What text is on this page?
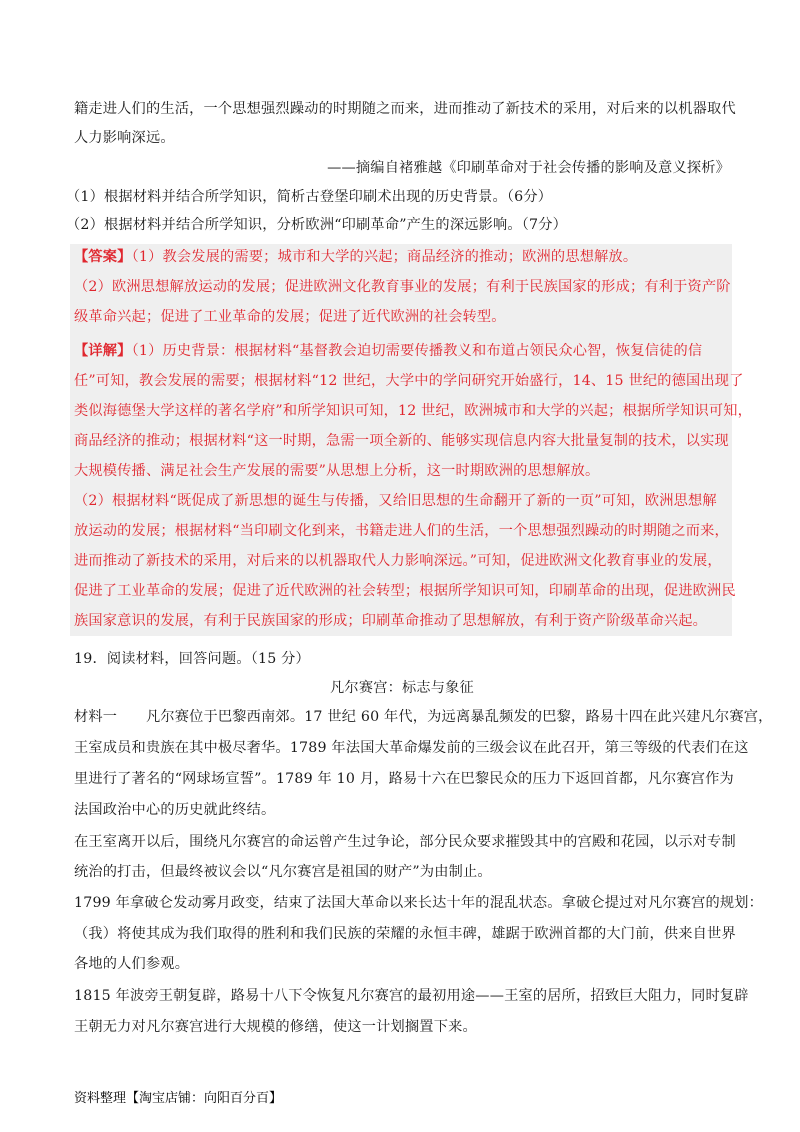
籍走进人们的生活，一个思想强烈躁动的时期随之而来，进而推动了新技术的采用，对后来的以机器取代
人力影响深远。
——摘编自褚雅越《印刷革命对于社会传播的影响及意义探析》
（1）根据材料并结合所学知识，简析古登堡印刷术出现的历史背景。（6分）
（2）根据材料并结合所学知识，分析欧洲“印刷革命”产生的深远影响。（7分）
【答案】（1）教会发展的需要；城市和大学的兴起；商品经济的推动；欧洲的思想解放。
（2）欧洲思想解放运动的发展；促进欧洲文化教育事业的发展；有利于民族国家的形成；有利于资产阶
级革命兴起；促进了工业革命的发展；促进了近代欧洲的社会转型。
【详解】（1）历史背景：根据材料“基督教会迫切需要传播教义和布道占领民众心智，恢复信徒的信
任”可知，教会发展的需要；根据材料“12 世纪，大学中的学问研究开始盛行，14、15 世纪的德国出现了
类似海德堡大学这样的著名学府”和所学知识可知，12 世纪，欧洲城市和大学的兴起；根据所学知识可知，
商品经济的推动；根据材料“这一时期，急需一项全新的、能够实现信息内容大批量复制的技术，以实现
大规模传播、满足社会生产发展的需要”从思想上分析，这一时期欧洲的思想解放。
（2）根据材料“既促成了新思想的诞生与传播，又给旧思想的生命翻开了新的一页”可知，欧洲思想解
放运动的发展；根据材料“当印刷文化到来，书籍走进人们的生活，一个思想强烈躁动的时期随之而来，
进而推动了新技术的采用，对后来的以机器取代人力影响深远。”可知，促进欧洲文化教育事业的发展，
促进了工业革命的发展；促进了近代欧洲的社会转型；根据所学知识可知，印刷革命的出现，促进欧洲民
族国家意识的发展，有利于民族国家的形成；印刷革命推动了思想解放，有利于资产阶级革命兴起。
19．阅读材料，回答问题。（15 分）
凡尔赛宫：标志与象征
材料一　　凡尔赛位于巴黎西南郊。17 世纪 60 年代，为远离暴乱频发的巴黎，路易十四在此兴建凡尔赛宫，
王室成员和贵族在其中极尽奢华。1789 年法国大革命爆发前的三级会议在此召开，第三等级的代表们在这
里进行了著名的“网球场宣誓”。1789 年 10 月，路易十六在巴黎民众的压力下返回首都，凡尔赛宫作为
法国政治中心的历史就此终结。
在王室离开以后，围绕凡尔赛宫的命运曾产生过争论，部分民众要求摧毁其中的宫殿和花园，以示对专制
统治的打击，但最终被议会以“凡尔赛宫是祖国的财产”为由制止。
1799 年拿破仑发动雾月政变，结束了法国大革命以来长达十年的混乱状态。拿破仑提过对凡尔赛宫的规划：
（我）将使其成为我们取得的胜利和我们民族的荣耀的永恒丰碑，雄踞于欧洲首都的大门前，供来自世界
各地的人们参观。
1815 年波旁王朝复辟，路易十八下令恢复凡尔赛宫的最初用途——王室的居所，招致巨大阻力，同时复辟
王朝无力对凡尔赛宫进行大规模的修缮，使这一计划搁置下来。
资料整理【淘宝店铺：向阳百分百】
